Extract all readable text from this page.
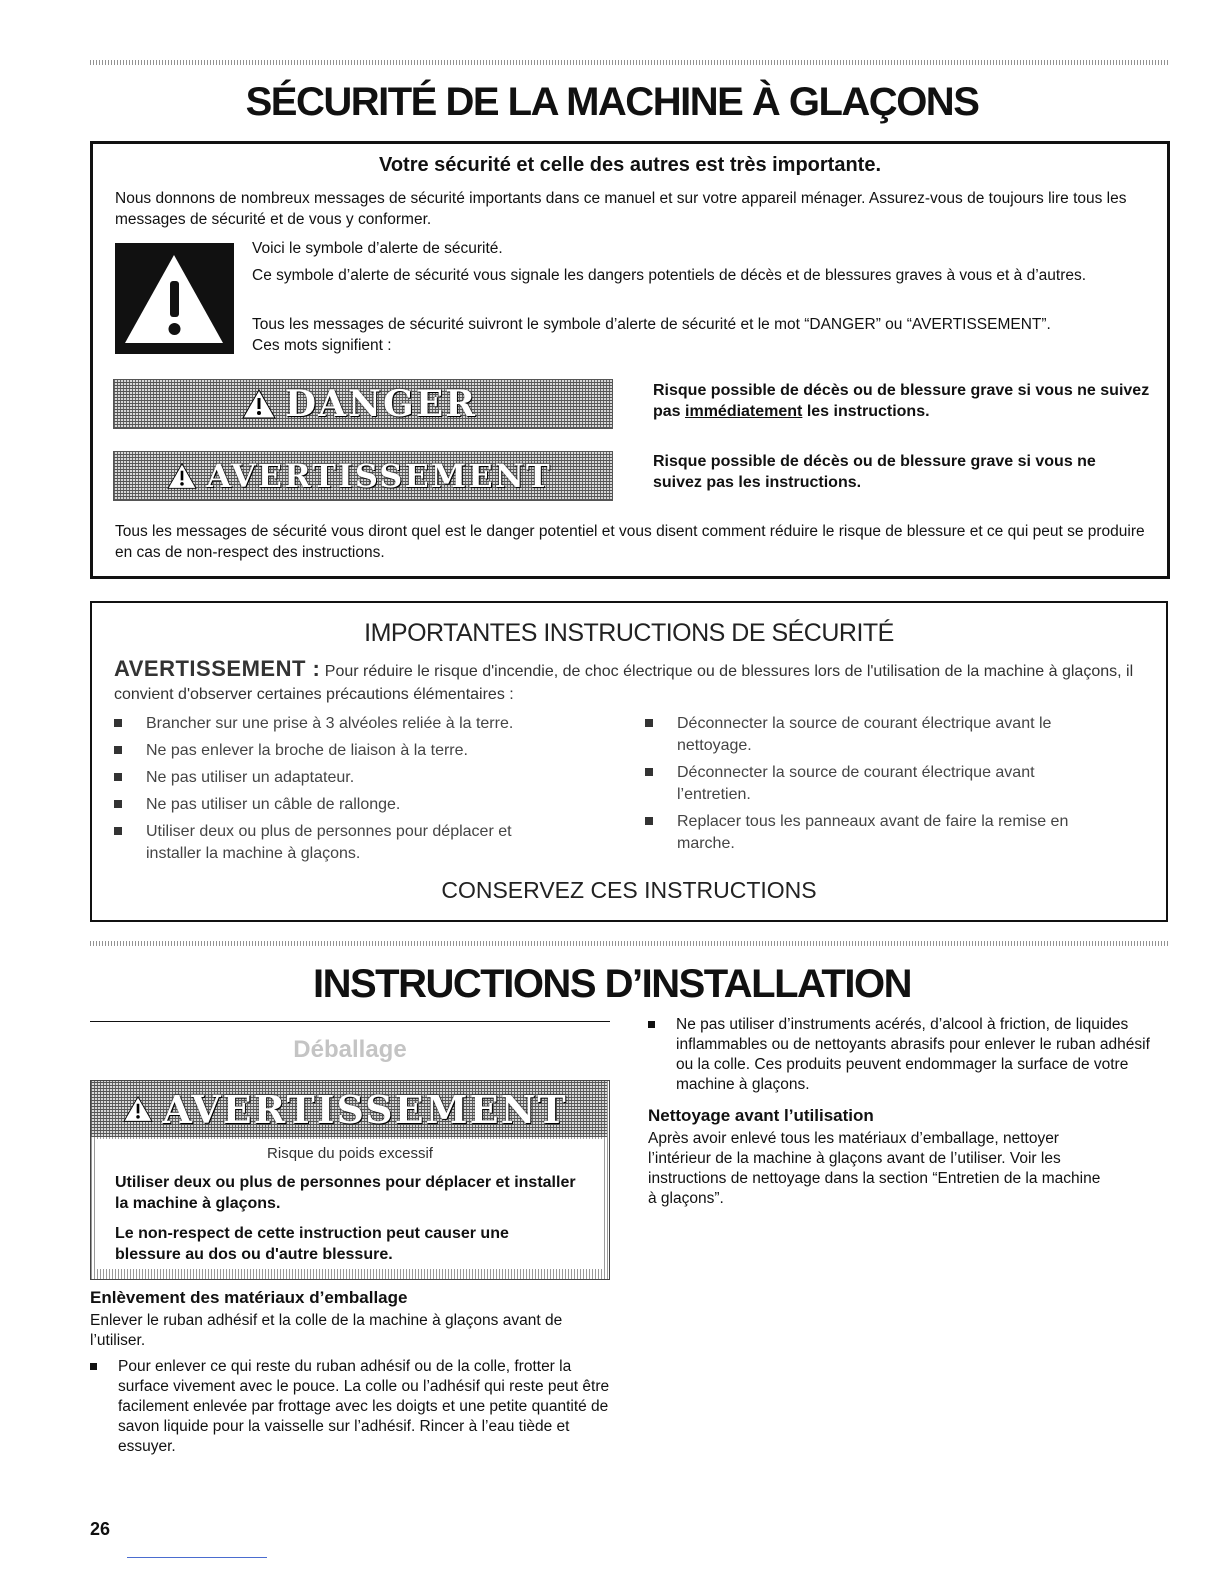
SÉCURITÉ DE LA MACHINE À GLAÇONS
Votre sécurité et celle des autres est très importante.
Nous donnons de nombreux messages de sécurité importants dans ce manuel et sur votre appareil ménager. Assurez-vous de toujours lire tous les messages de sécurité et de vous y conformer.
Voici le symbole d’alerte de sécurité.
Ce symbole d’alerte de sécurité vous signale les dangers potentiels de décès et de blessures graves à vous et à d’autres.
Tous les messages de sécurité suivront le symbole d’alerte de sécurité et le mot “DANGER” ou “AVERTISSEMENT”. Ces mots signifient :
DANGER	Risque possible de décès ou de blessure grave si vous ne suivez pas immédiatement les instructions.
AVERTISSEMENT	Risque possible de décès ou de blessure grave si vous ne suivez pas les instructions.
Tous les messages de sécurité vous diront quel est le danger potentiel et vous disent comment réduire le risque de blessure et ce qui peut se produire en cas de non-respect des instructions.
IMPORTANTES INSTRUCTIONS DE SÉCURITÉ
AVERTISSEMENT : Pour réduire le risque d'incendie, de choc électrique ou de blessures lors de l'utilisation de la machine à glaçons, il convient d'observer certaines précautions élémentaires :
Brancher sur une prise à 3 alvéoles reliée à la terre.
Ne pas enlever la broche de liaison à la terre.
Ne pas utiliser un adaptateur.
Ne pas utiliser un câble de rallonge.
Utiliser deux ou plus de personnes pour déplacer et installer la machine à glaçons.
Déconnecter la source de courant électrique avant le nettoyage.
Déconnecter la source de courant électrique avant l’entretien.
Replacer tous les panneaux avant de faire la remise en marche.
CONSERVEZ CES INSTRUCTIONS
INSTRUCTIONS D’INSTALLATION
Déballage
AVERTISSEMENT
Risque du poids excessif
Utiliser deux ou plus de personnes pour déplacer et installer la machine à glaçons.
Le non-respect de cette instruction peut causer une blessure au dos ou d'autre blessure.
Enlèvement des matériaux d’emballage
Enlever le ruban adhésif et la colle de la machine à glaçons avant de l’utiliser.
Pour enlever ce qui reste du ruban adhésif ou de la colle, frotter la surface vivement avec le pouce. La colle ou l’adhésif qui reste peut être facilement enlevée par frottage avec les doigts et une petite quantité de savon liquide pour la vaisselle sur l’adhésif. Rincer à l’eau tiède et essuyer.
Ne pas utiliser d’instruments acérés, d’alcool à friction, de liquides inflammables ou de nettoyants abrasifs pour enlever le ruban adhésif ou la colle. Ces produits peuvent endommager la surface de votre machine à glaçons.
Nettoyage avant l’utilisation
Après avoir enlevé tous les matériaux d’emballage, nettoyer l’intérieur de la machine à glaçons avant de l’utiliser. Voir les instructions de nettoyage dans la section “Entretien de la machine à glaçons”.
26
